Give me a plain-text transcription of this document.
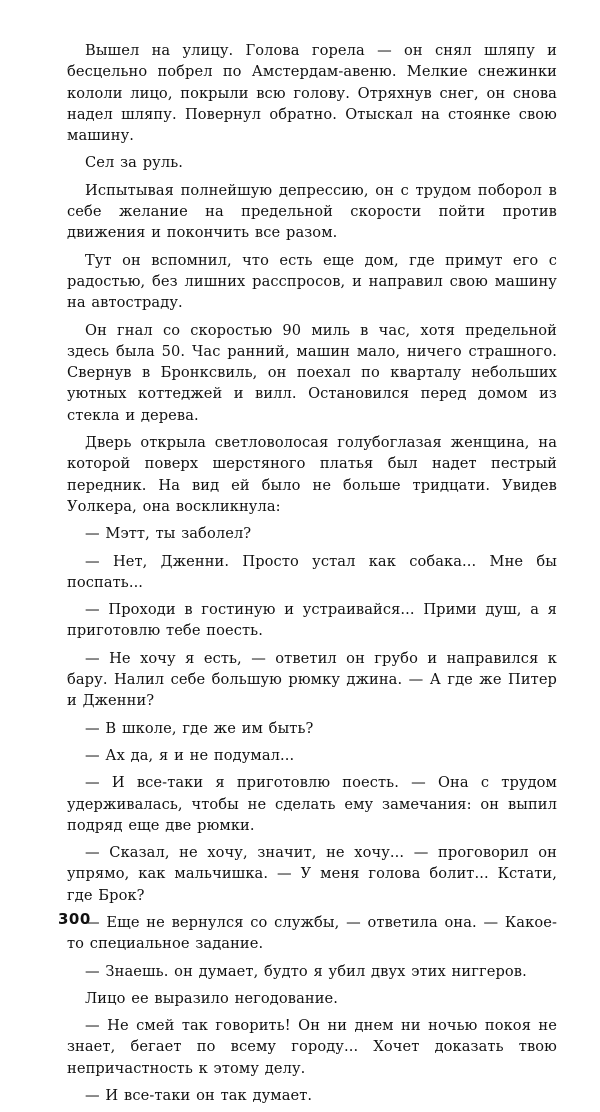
Вышел на улицу. Голова горела — он снял шляпу и бесцельно побрел по Амстердам-авеню. Мелкие снежинки кололи лицо, покрыли всю голову. Отряхнув снег, он снова надел шляпу. Повернул обратно. Отыскал на стоянке свою машину.

Сел за руль.

Испытывая полнейшую депрессию, он с трудом поборол в себе желание на предельной скорости пойти против движения и покончить все разом.

Тут он вспомнил, что есть еще дом, где примут его с радостью, без лишних расспросов, и направил свою машину на автостраду.

Он гнал со скоростью 90 миль в час, хотя предельной здесь была 50. Час ранний, машин мало, ничего страшного. Свернув в Бронксвиль, он поехал по кварталу небольших уютных коттеджей и вилл. Остановился перед домом из стекла и дерева.

Дверь открыла светловолосая голубоглазая женщина, на которой поверх шерстяного платья был надет пестрый передник. На вид ей было не больше тридцати. Увидев Уолкера, она воскликнула:

— Мэтт, ты заболел?

— Нет, Дженни. Просто устал как собака... Мне бы поспать...

— Проходи в гостиную и устраивайся... Прими душ, а я приготовлю тебе поесть.

— Не хочу я есть, — ответил он грубо и направился к бару. Налил себе большую рюмку джина. — А где же Питер и Дженни?

— В школе, где же им быть?

— Ах да, я и не подумал...

— И все-таки я приготовлю поесть. — Она с трудом удерживалась, чтобы не сделать ему замечания: он выпил подряд еще две рюмки.

— Сказал, не хочу, значит, не хочу... — проговорил он упрямо, как мальчишка. — У меня голова болит... Кстати, где Брок?

— Еще не вернулся со службы, — ответила она. — Какое-то специальное задание.

— Знаешь. он думает, будто я убил двух этих ниггеров.

Лицо ее выразило негодование.

— Не смей так говорить! Он ни днем ни ночью покоя не знает, бегает по всему городу... Хочет доказать твою непричастность к этому делу.

— И все-таки он так думает.

300
